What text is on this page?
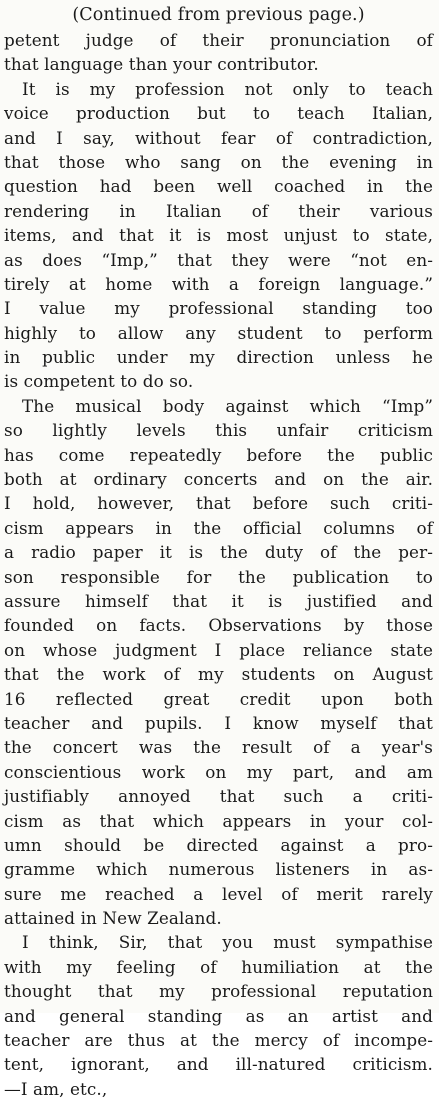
(Continued from previous page.)
petent judge of their pronunciation of
that language than your contributor.
It is my profession not only to teach
voice production but to teach Italian,
and I say, without fear of contradiction,
that those who sang on the evening in
question had been well coached in the
rendering in Italian of their various
items, and that it is most unjust to state,
as does “Imp,” that they were “not en-
tirely at home with a foreign language.”
I value my professional standing too
highly to allow any student to perform
in public under my direction unless he
is competent to do so.
The musical body against which “Imp”
so lightly levels this unfair criticism
has come repeatedly before the public
both at ordinary concerts and on the air.
I hold, however, that before such criti-
cism appears in the official columns of
a radio paper it is the duty of the per-
son responsible for the publication to
assure himself that it is justified and
founded on facts. Observations by those
on whose judgment I place reliance state
that the work of my students on August
16 reflected great credit upon both
teacher and pupils. I know myself that
the concert was the result of a year's
conscientious work on my part, and am
justifiably annoyed that such a criti-
cism as that which appears in your col-
umn should be directed against a pro-
gramme which numerous listeners in as-
sure me reached a level of merit rarely
attained in New Zealand.
I think, Sir, that you must sympathise
with my feeling of humiliation at the
thought that my professional reputation
and general standing as an artist and
teacher are thus at the mercy of incompe-
tent, ignorant, and ill-natured criticism.
—I am, etc.,
